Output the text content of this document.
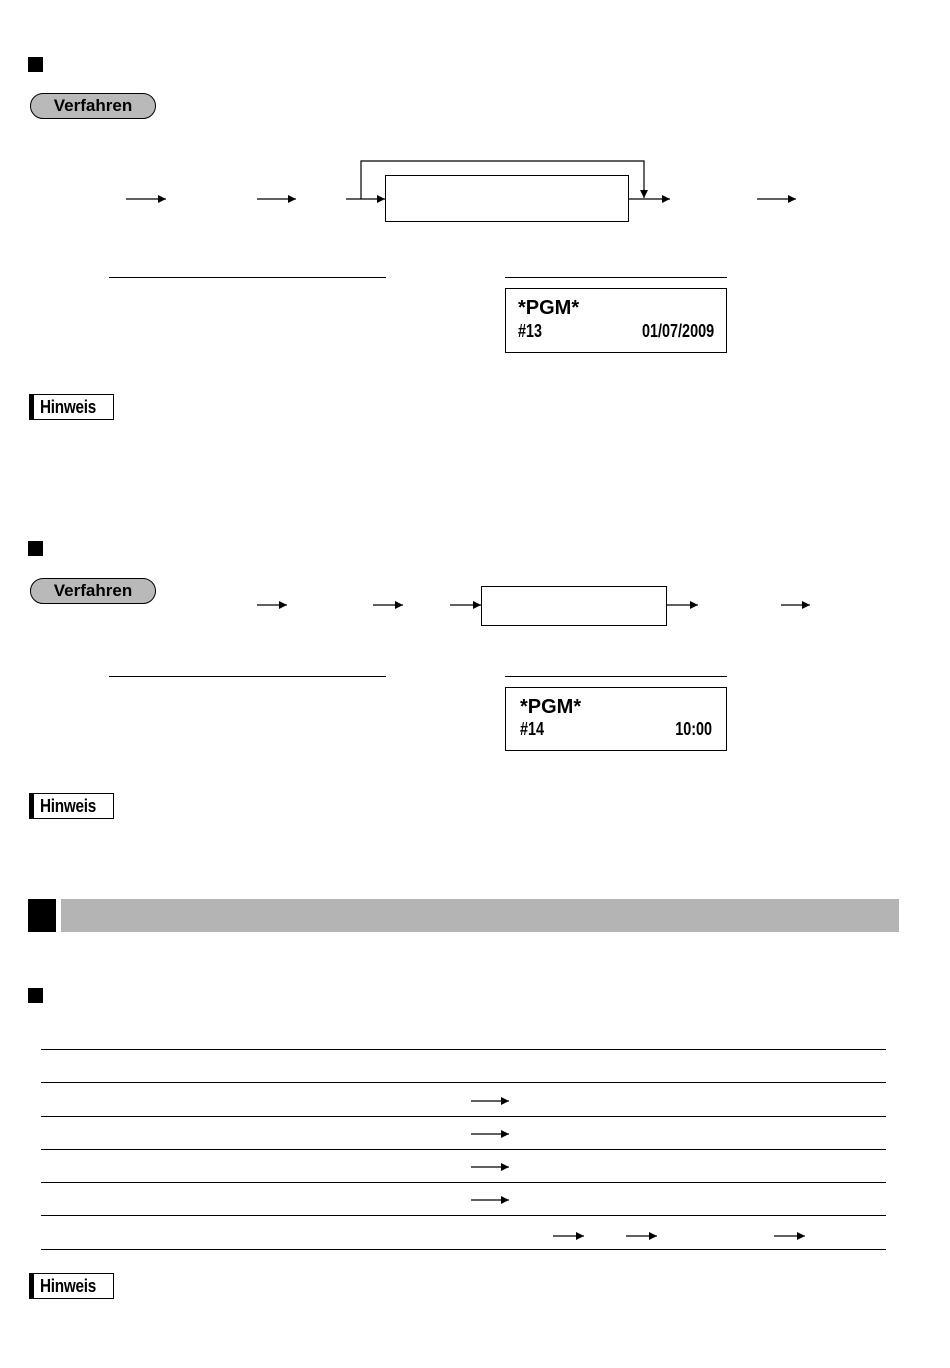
Verfahren
*PGM*
#13	01/07/2009
Hinweis
Verfahren
*PGM*
#14	10:00
Hinweis
Hinweis
